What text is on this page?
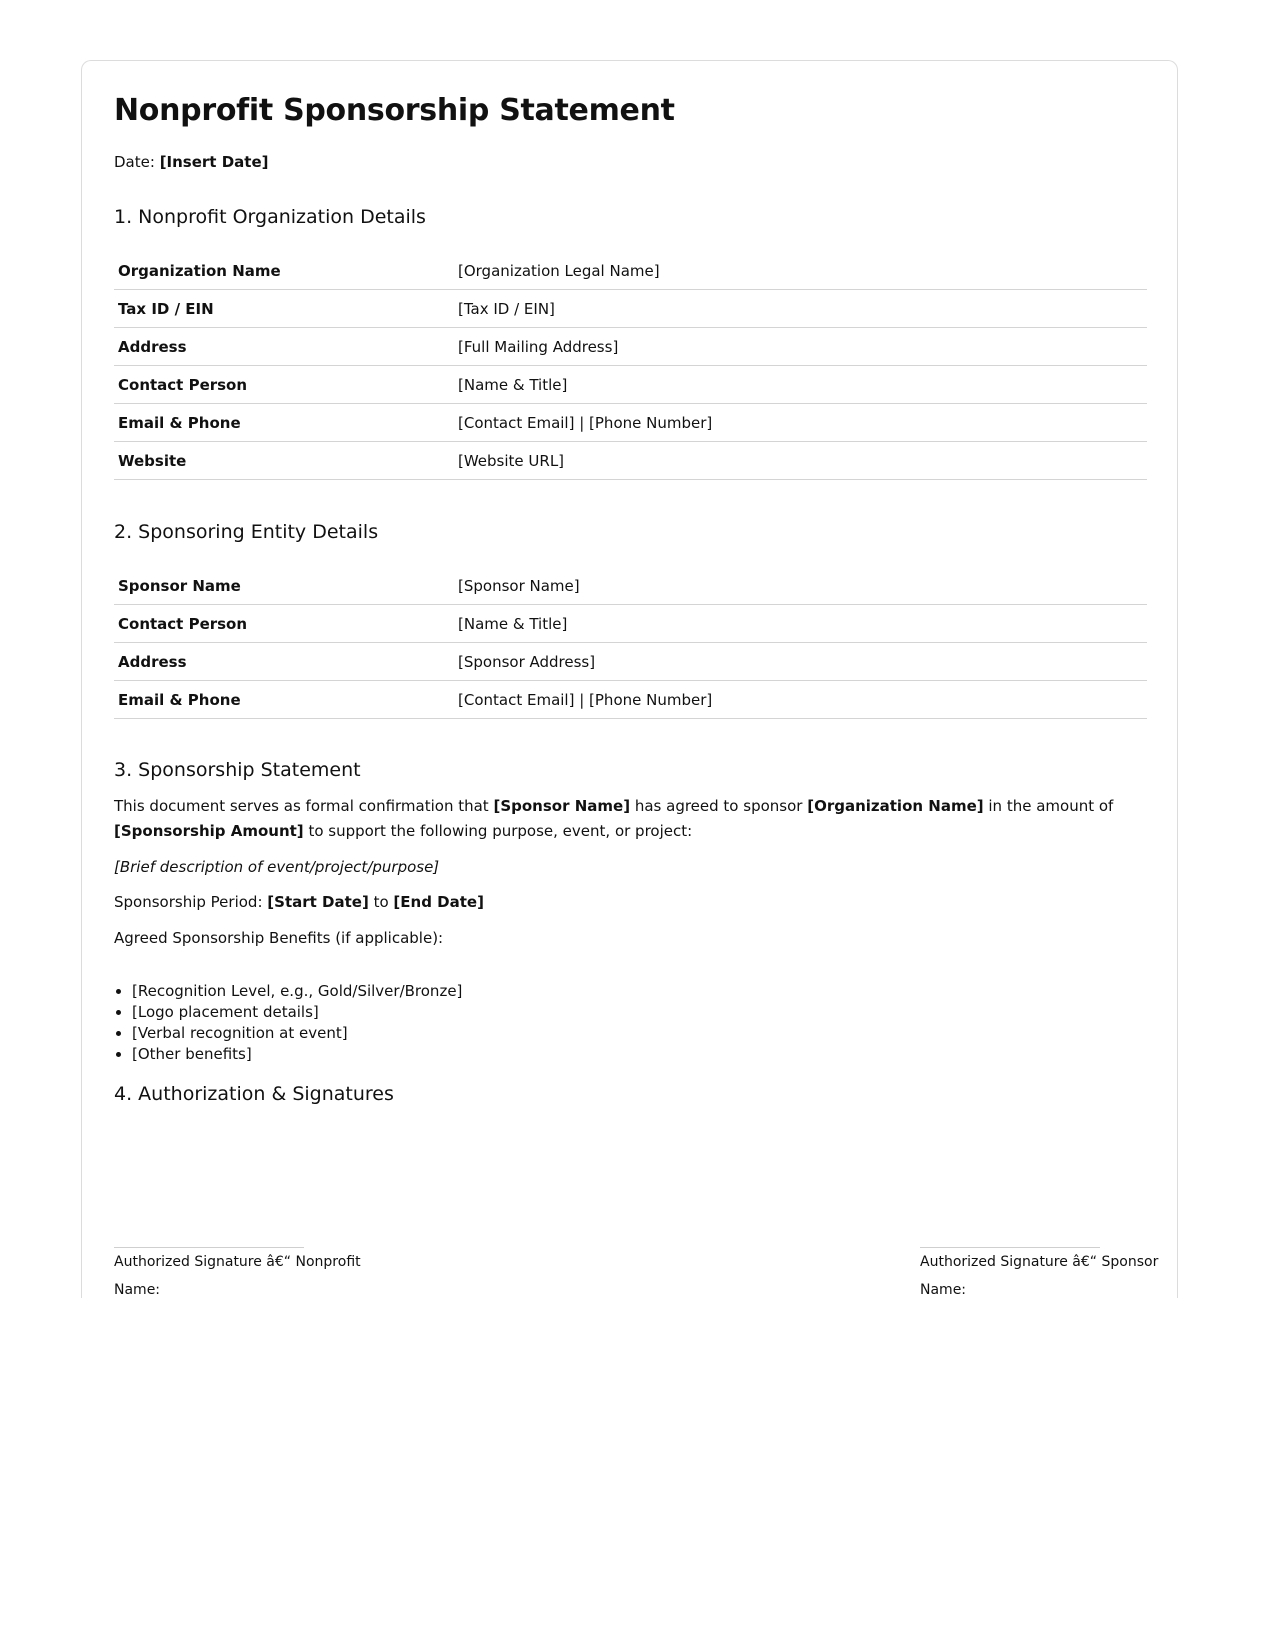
Nonprofit Sponsorship Statement
Date: [Insert Date]
1. Nonprofit Organization Details
Organization Name	[Organization Legal Name]
Tax ID / EIN	[Tax ID / EIN]
Address	[Full Mailing Address]
Contact Person	[Name & Title]
Email & Phone	[Contact Email] | [Phone Number]
Website	[Website URL]
2. Sponsoring Entity Details
Sponsor Name	[Sponsor Name]
Contact Person	[Name & Title]
Address	[Sponsor Address]
Email & Phone	[Contact Email] | [Phone Number]
3. Sponsorship Statement

This document serves as formal confirmation that [Sponsor Name] has agreed to sponsor [Organization Name] in the amount of [Sponsorship Amount] to support the following purpose, event, or project:

[Brief description of event/project/purpose]

Sponsorship Period: [Start Date] to [End Date]

Agreed Sponsorship Benefits (if applicable):

• [Recognition Level, e.g., Gold/Silver/Bronze]
• [Logo placement details]
• [Verbal recognition at event]
• [Other benefits]
4. Authorization & Signatures
Authorized Signature â€“ Nonprofit
Name:
Authorized Signature â€“ Sponsor
Name:
